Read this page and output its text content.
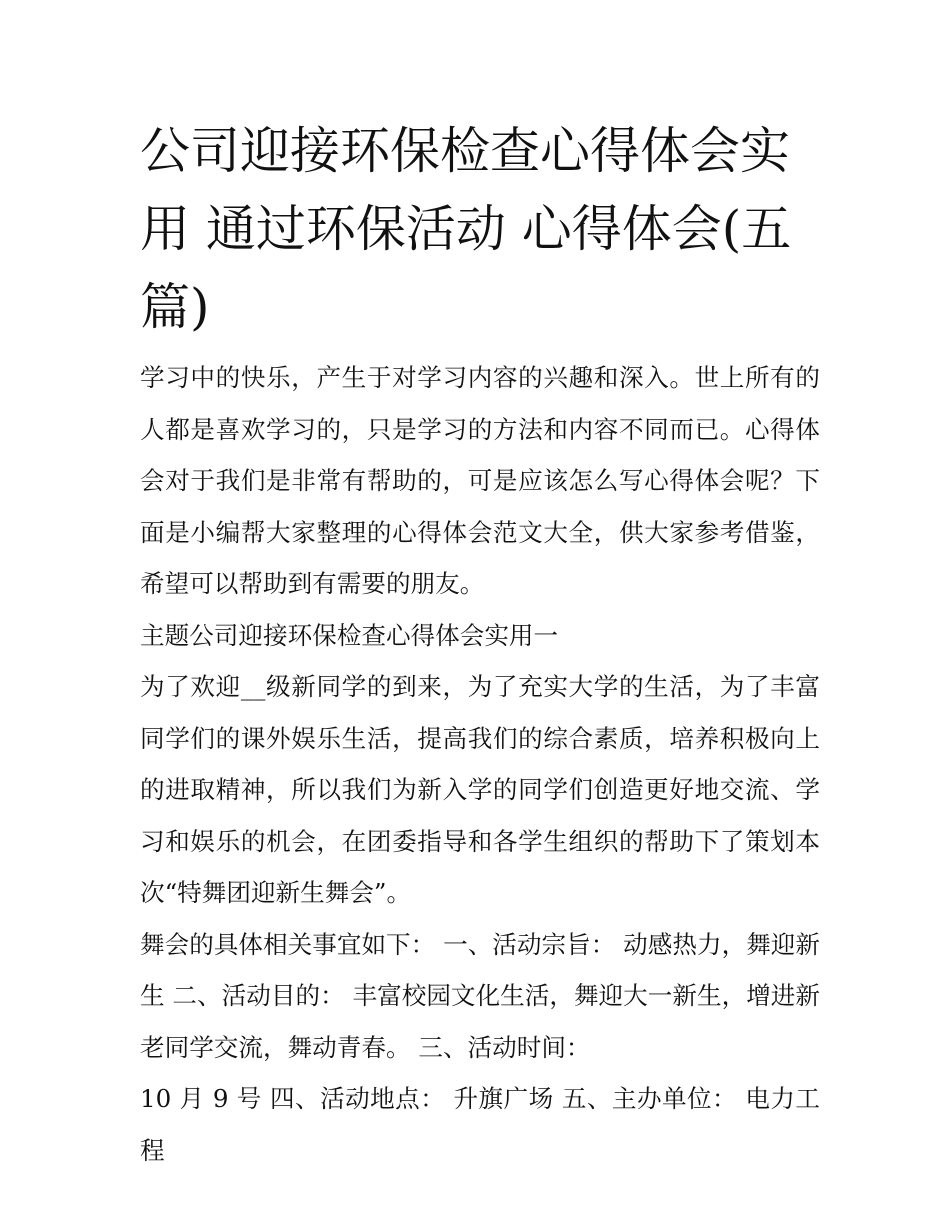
公司迎接环保检查心得体会实用 通过环保活动 心得体会(五篇)

学习中的快乐，产生于对学习内容的兴趣和深入。世上所有的人都是喜欢学习的，只是学习的方法和内容不同而已。心得体会对于我们是非常有帮助的，可是应该怎么写心得体会呢？下面是小编帮大家整理的心得体会范文大全，供大家参考借鉴，希望可以帮助到有需要的朋友。

主题公司迎接环保检查心得体会实用一

为了欢迎__级新同学的到来，为了充实大学的生活，为了丰富同学们的课外娱乐生活，提高我们的综合素质，培养积极向上的进取精神，所以我们为新入学的同学们创造更好地交流、学习和娱乐的机会，在团委指导和各学生组织的帮助下了策划本次“特舞团迎新生舞会”。

舞会的具体相关事宜如下： 一、活动宗旨： 动感热力，舞迎新生 二、活动目的： 丰富校园文化生活，舞迎大一新生，增进新老同学交流，舞动青春。 三、活动时间：

10 月 9 号 四、活动地点： 升旗广场 五、主办单位： 电力工程
